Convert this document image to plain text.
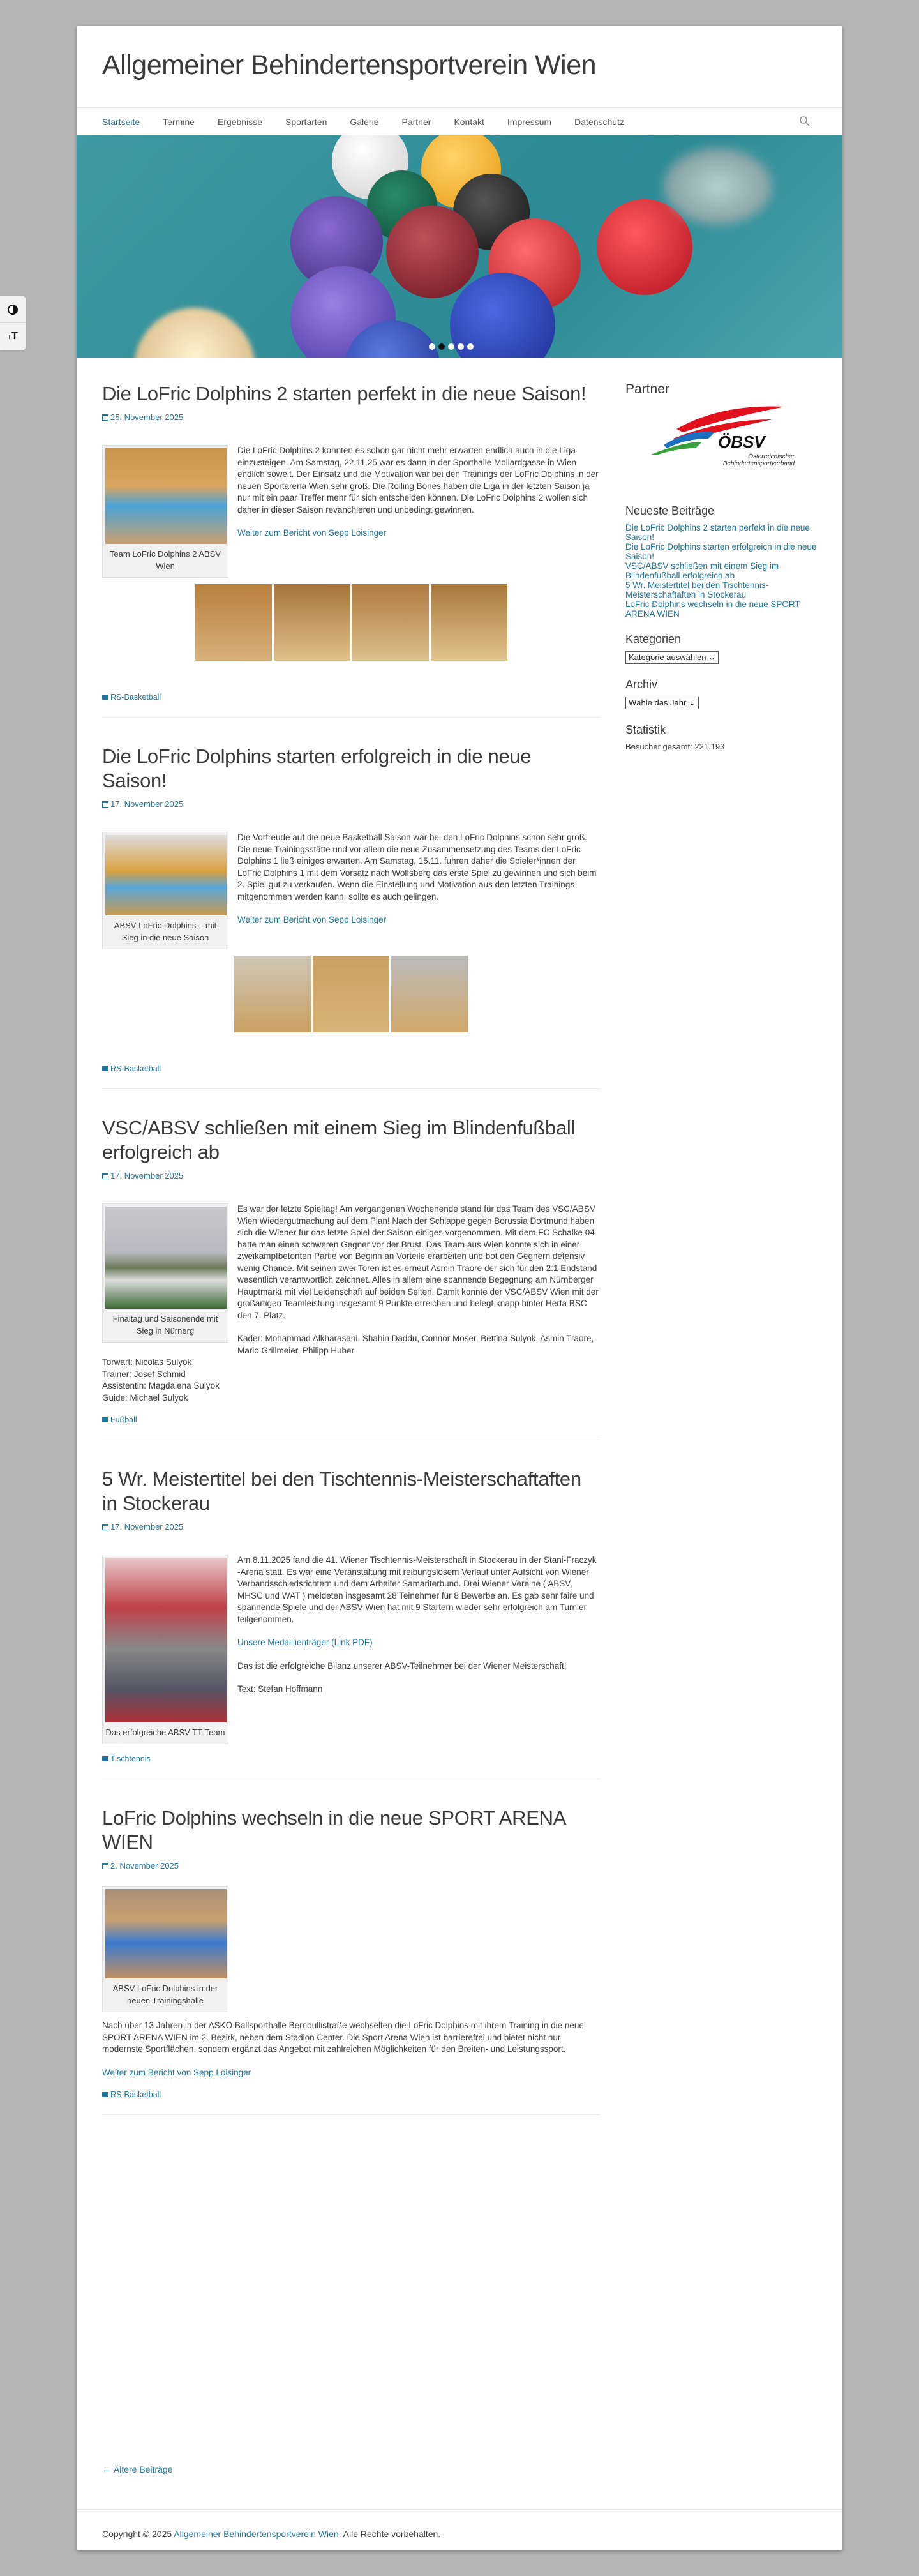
TT
Allgemeiner Behindertensportverein Wien
Startseite	Termine	Ergebnisse	Sportarten	Galerie	Partner	Kontakt	Impressum	Datenschutz
Die LoFric Dolphins 2 starten perfekt in die neue Saison!
25. November 2025
Team LoFric Dolphins 2 ABSV Wien

Die LoFric Dolphins 2 konnten es schon gar nicht mehr erwarten endlich auch in die Liga einzusteigen. Am Samstag, 22.11.25 war es dann in der Sporthalle Mollardgasse in Wien endlich soweit. Der Einsatz und die Motivation war bei den Trainings der LoFric Dolphins in der neuen Sportarena Wien sehr groß. Die Rolling Bones haben die Liga in der letzten Saison ja nur mit ein paar Treffer mehr für sich entscheiden können. Die LoFric Dolphins 2 wollen sich daher in dieser Saison revanchieren und unbedingt gewinnen.

Weiter zum Bericht von Sepp Loisinger

RS-Basketball
Die LoFric Dolphins starten erfolgreich in die neue Saison!
17. November 2025
ABSV LoFric Dolphins – mit Sieg in die neue Saison

Die Vorfreude auf die neue Basketball Saison war bei den LoFric Dolphins schon sehr groß. Die neue Trainingsstätte und vor allem die neue Zusammensetzung des Teams der LoFric Dolphins 1 ließ einiges erwarten. Am Samstag, 15.11. fuhren daher die Spieler*innen der LoFric Dolphins 1 mit dem Vorsatz nach Wolfsberg das erste Spiel zu gewinnen und sich beim 2. Spiel gut zu verkaufen. Wenn die Einstellung und Motivation aus den letzten Trainings mitgenommen werden kann, sollte es auch gelingen.

Weiter zum Bericht von Sepp Loisinger

RS-Basketball
VSC/ABSV schließen mit einem Sieg im Blindenfußball erfolgreich ab
17. November 2025
Finaltag und Saisonende mit Sieg in Nürnerg

Es war der letzte Spieltag! Am vergangenen Wochenende stand für das Team des VSC/ABSV Wien Wiedergutmachung auf dem Plan! Nach der Schlappe gegen Borussia Dortmund haben sich die Wiener für das letzte Spiel der Saison einiges vorgenommen. Mit dem FC Schalke 04 hatte man einen schweren Gegner vor der Brust. Das Team aus Wien konnte sich in einer zweikampfbetonten Partie von Beginn an Vorteile erarbeiten und bot den Gegnern defensiv wenig Chance. Mit seinen zwei Toren ist es erneut Asmin Traore der sich für den 2:1 Endstand wesentlich verantwortlich zeichnet. Alles in allem eine spannende Begegnung am Nürnberger Hauptmarkt mit viel Leidenschaft auf beiden Seiten. Damit konnte der VSC/ABSV Wien mit der großartigen Teamleistung insgesamt 9 Punkte erreichen und belegt knapp hinter Herta BSC den 7. Platz.

Kader: Mohammad Alkharasani, Shahin Daddu, Connor Moser, Bettina Sulyok, Asmin Traore, Mario Grillmeier, Philipp Huber
Torwart: Nicolas Sulyok
Trainer: Josef Schmid
Assistentin: Magdalena Sulyok
Guide: Michael Sulyok

Fußball
5 Wr. Meistertitel bei den Tischtennis-Meisterschaftaften in Stockerau
17. November 2025
Das erfolgreiche ABSV TT-Team

Am 8.11.2025 fand die 41. Wiener Tischtennis-Meisterschaft in Stockerau in der Stani-Fraczyk -Arena statt. Es war eine Veranstaltung mit reibungslosem Verlauf unter Aufsicht von Wiener Verbandsschiedsrichtern und dem Arbeiter Samariterbund. Drei Wiener Vereine ( ABSV, MHSC und WAT ) meldeten insgesamt 28 Teinehmer für 8 Bewerbe an. Es gab sehr faire und spannende Spiele und der ABSV-Wien hat mit 9 Startern wieder sehr erfolgreich am Turnier teilgenommen.

Unsere Medaillienträger (Link PDF)

Das ist die erfolgreiche Bilanz unserer ABSV-Teilnehmer bei der Wiener Meisterschaft!

Text: Stefan Hoffmann

Tischtennis
LoFric Dolphins wechseln in die neue SPORT ARENA WIEN
2. November 2025
ABSV LoFric Dolphins in der neuen Trainingshalle

Nach über 13 Jahren in der ASKÖ Ballsporthalle Bernoullistraße wechselten die LoFric Dolphins mit ihrem Training in die neue SPORT ARENA WIEN im 2. Bezirk, neben dem Stadion Center. Die Sport Arena Wien ist barrierefrei und bietet nicht nur modernste Sportflächen, sondern ergänzt das Angebot mit zahlreichen Möglichkeiten für den Breiten- und Leistungssport.

Weiter zum Bericht von Sepp Loisinger

RS-Basketball
Partner
ÖBSV
Österreichischer
Behindertensportverband
Neueste Beiträge
Die LoFric Dolphins 2 starten perfekt in die neue Saison!
Die LoFric Dolphins starten erfolgreich in die neue Saison!
VSC/ABSV schließen mit einem Sieg im Blindenfußball erfolgreich ab
5 Wr. Meistertitel bei den Tischtennis-Meisterschaftaften in Stockerau
LoFric Dolphins wechseln in die neue SPORT ARENA WIEN
Kategorien
Kategorie auswählen ⌄
Archiv
Wähle das Jahr ⌄
Statistik
Besucher gesamt: 221.193
← Ältere Beiträge
Copyright © 2025 Allgemeiner Behindertensportverein Wien. Alle Rechte vorbehalten.
